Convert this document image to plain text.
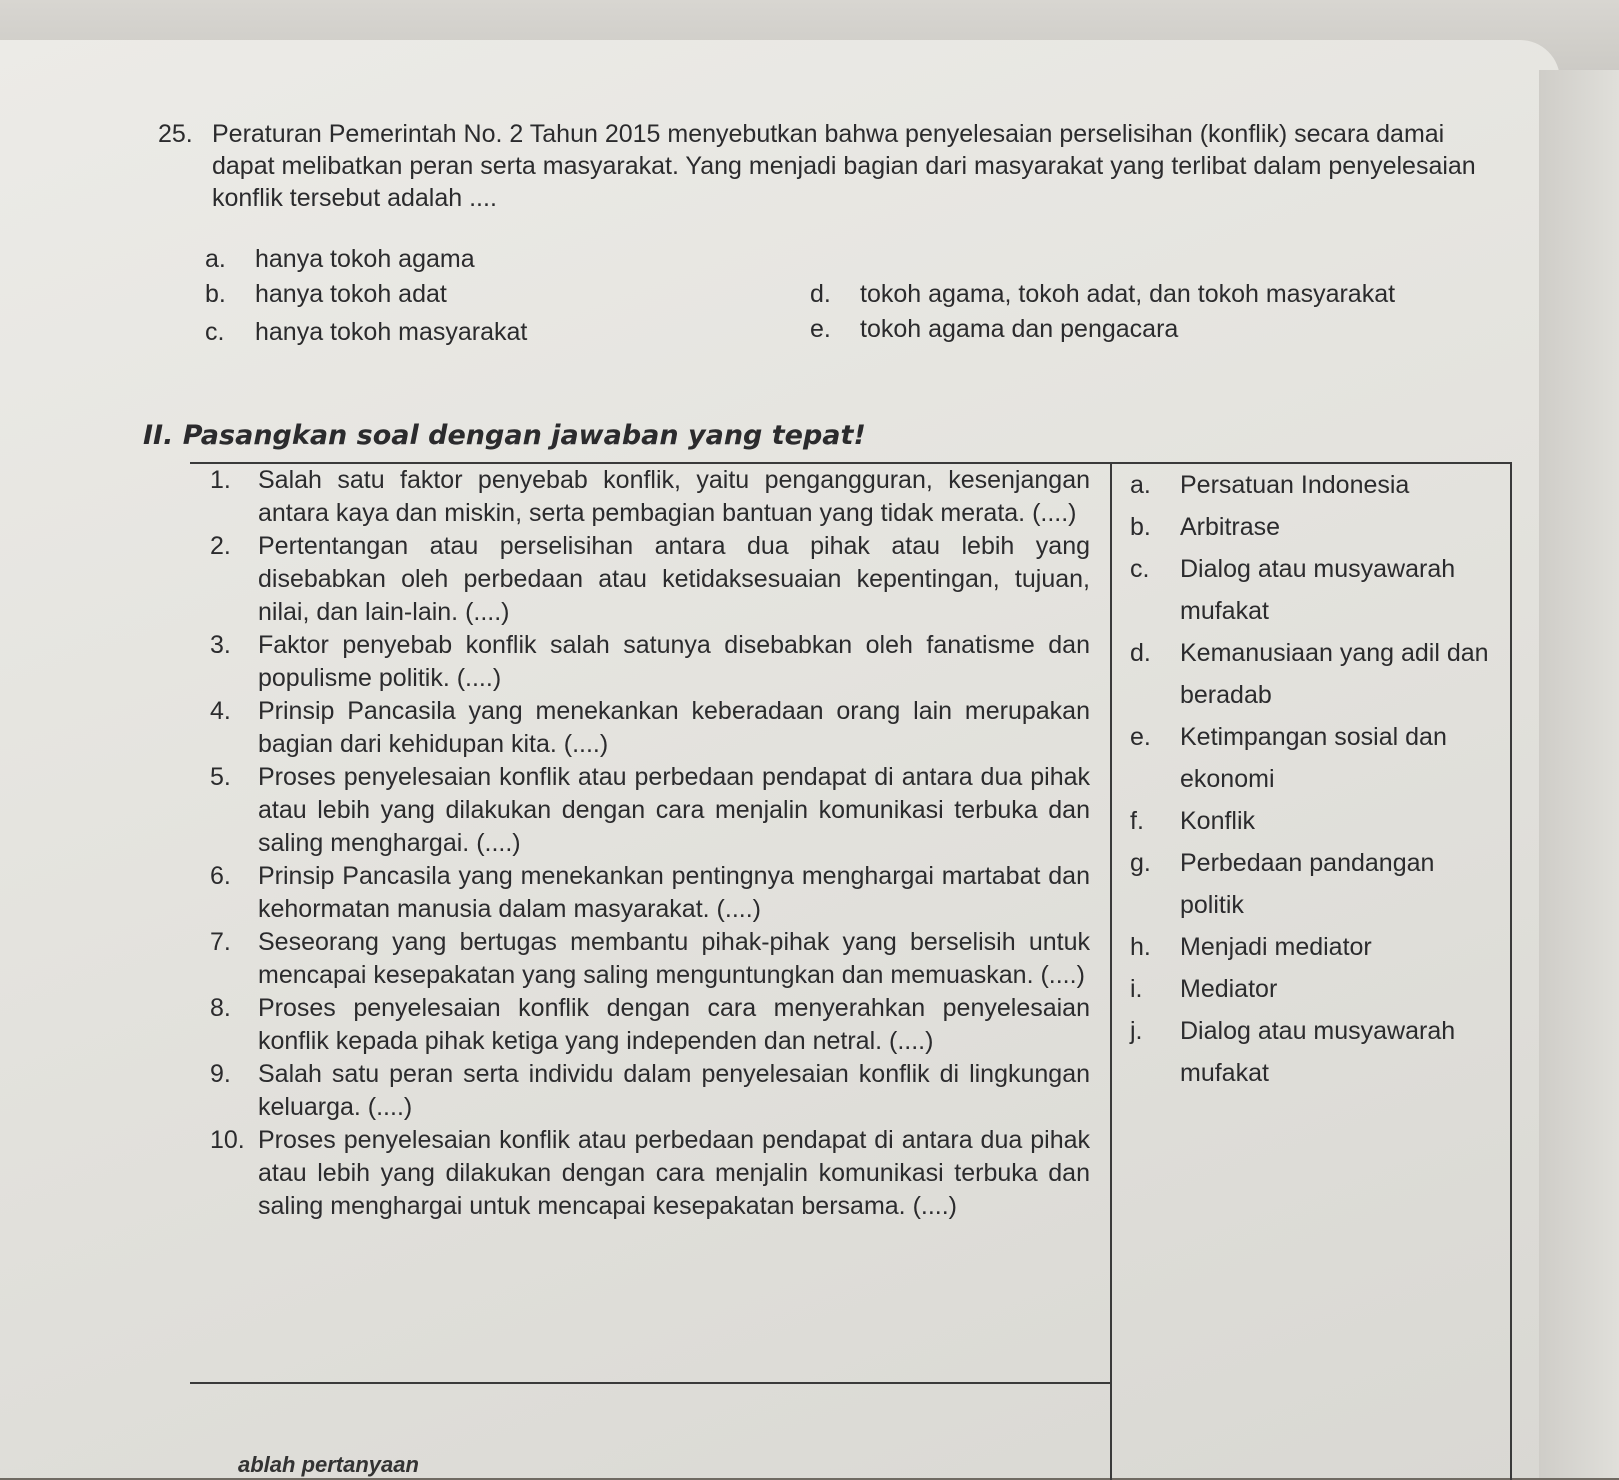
25. Peraturan Pemerintah No. 2 Tahun 2015 menyebutkan bahwa penyelesaian perselisihan (konflik) secara damai dapat melibatkan peran serta masyarakat. Yang menjadi bagian dari masyarakat yang terlibat dalam penyelesaian konflik tersebut adalah ....
a. hanya tokoh agama
b. hanya tokoh adat
c. hanya tokoh masyarakat
d. tokoh agama, tokoh adat, dan tokoh masyarakat
e. tokoh agama dan pengacara
II. Pasangkan soal dengan jawaban yang tepat!
1. Salah satu faktor penyebab konflik, yaitu pengangguran, kesenjangan antara kaya dan miskin, serta pembagian bantuan yang tidak merata. (....)
2. Pertentangan atau perselisihan antara dua pihak atau lebih yang disebabkan oleh perbedaan atau ketidaksesuaian kepentingan, tujuan, nilai, dan lain-lain. (....)
3. Faktor penyebab konflik salah satunya disebabkan oleh fanatisme dan populisme politik. (....)
4. Prinsip Pancasila yang menekankan keberadaan orang lain merupakan bagian dari kehidupan kita. (....)
5. Proses penyelesaian konflik atau perbedaan pendapat di antara dua pihak atau lebih yang dilakukan dengan cara menjalin komunikasi terbuka dan saling menghargai. (....)
6. Prinsip Pancasila yang menekankan pentingnya menghargai martabat dan kehormatan manusia dalam masyarakat. (....)
7. Seseorang yang bertugas membantu pihak-pihak yang berselisih untuk mencapai kesepakatan yang saling menguntungkan dan memuaskan. (....)
8. Proses penyelesaian konflik dengan cara menyerahkan penyelesaian konflik kepada pihak ketiga yang independen dan netral. (....)
9. Salah satu peran serta individu dalam penyelesaian konflik di lingkungan keluarga. (....)
10. Proses penyelesaian konflik atau perbedaan pendapat di antara dua pihak atau lebih yang dilakukan dengan cara menjalin komunikasi terbuka dan saling menghargai untuk mencapai kesepakatan bersama. (....)
a. Persatuan Indonesia
b. Arbitrase
c. Dialog atau musyawarah mufakat
d. Kemanusiaan yang adil dan beradab
e. Ketimpangan sosial dan ekonomi
f. Konflik
g. Perbedaan pandangan politik
h. Menjadi mediator
i. Mediator
j. Dialog atau musyawarah mufakat
ablah pertanyaan
